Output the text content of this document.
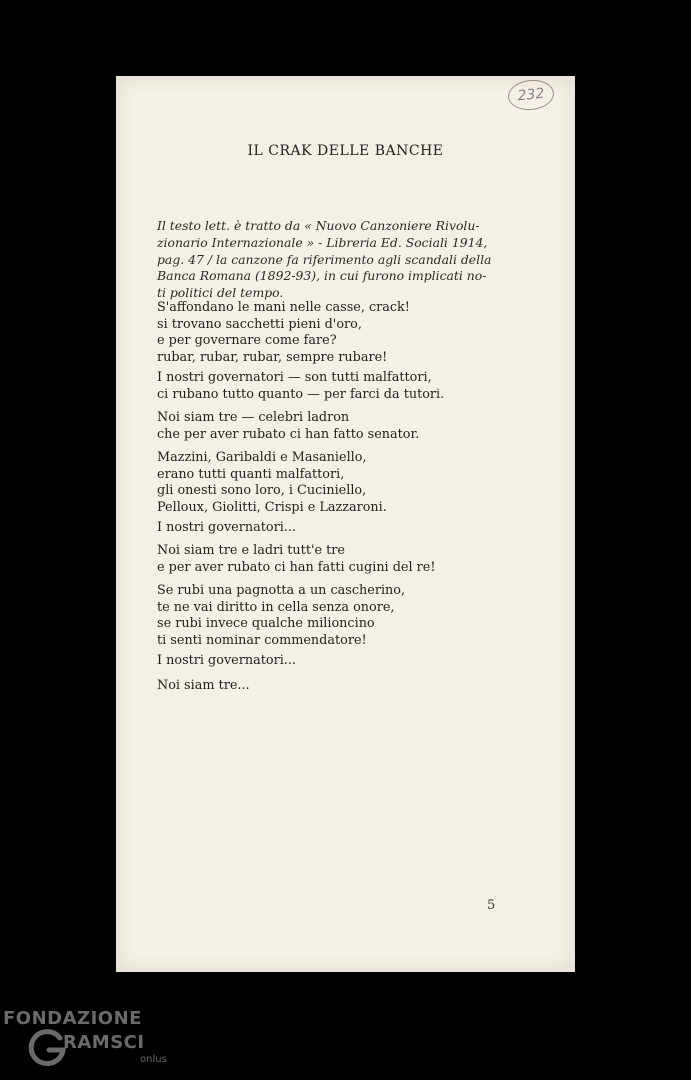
232
IL CRAK DELLE BANCHE

Il testo lett. è tratto da « Nuovo Canzoniere Rivolu-
zionario Internazionale » - Libreria Ed. Sociali 1914,
pag. 47 / la canzone fa riferimento agli scandali della
Banca Romana (1892-93), in cui furono implicati no-
ti politici del tempo.

S'affondano le mani nelle casse, crack!
si trovano sacchetti pieni d'oro,
e per governare come fare?
rubar, rubar, rubar, sempre rubare!

I nostri governatori — son tutti malfattori,
ci rubano tutto quanto — per farci da tutori.

Noi siam tre — celebri ladron
che per aver rubato ci han fatto senator.

Mazzini, Garibaldi e Masaniello,
erano tutti quanti malfattori,
gli onesti sono loro, i Cuciniello,
Pelloux, Giolitti, Crispi e Lazzaroni.

I nostri governatori...

Noi siam tre e ladri tutt'e tre
e per aver rubato ci han fatti cugini del re!

Se rubi una pagnotta a un cascherino,
te ne vai diritto in cella senza onore,
se rubi invece qualche milioncino
ti senti nominar commendatore!

I nostri governatori...

Noi siam tre...

5
FONDAZIONE
RAMSCI
onlus
